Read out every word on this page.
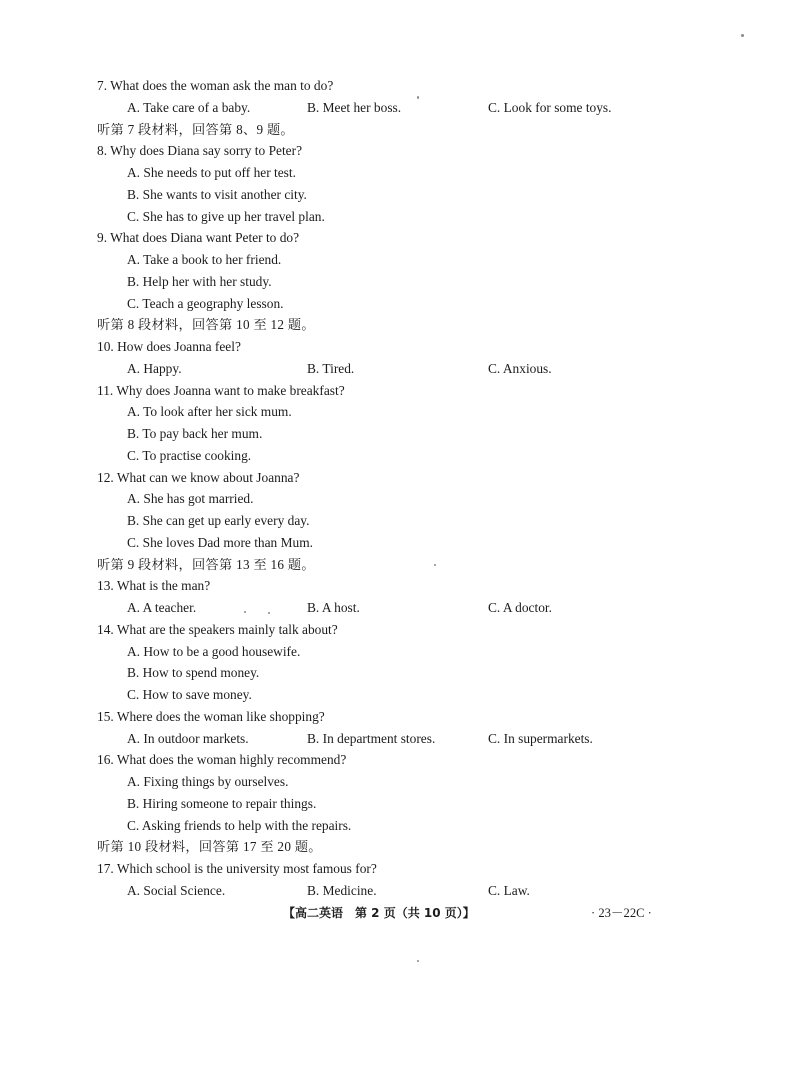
7. What does the woman ask the man to do?
A. Take care of a baby.	B. Meet her boss.	C. Look for some toys.
听第 7 段材料，回答第 8、9 题。
8. Why does Diana say sorry to Peter?
A. She needs to put off her test.
B. She wants to visit another city.
C. She has to give up her travel plan.
9. What does Diana want Peter to do?
A. Take a book to her friend.
B. Help her with her study.
C. Teach a geography lesson.
听第 8 段材料，回答第 10 至 12 题。
10. How does Joanna feel?
A. Happy.	B. Tired.	C. Anxious.
11. Why does Joanna want to make breakfast?
A. To look after her sick mum.
B. To pay back her mum.
C. To practise cooking.
12. What can we know about Joanna?
A. She has got married.
B. She can get up early every day.
C. She loves Dad more than Mum.
听第 9 段材料，回答第 13 至 16 题。
13. What is the man?
A. A teacher.	B. A host.	C. A doctor.
14. What are the speakers mainly talk about?
A. How to be a good housewife.
B. How to spend money.
C. How to save money.
15. Where does the woman like shopping?
A. In outdoor markets.	B. In department stores.	C. In supermarkets.
16. What does the woman highly recommend?
A. Fixing things by ourselves.
B. Hiring someone to repair things.
C. Asking friends to help with the repairs.
听第 10 段材料，回答第 17 至 20 题。
17. Which school is the university most famous for?
A. Social Science.	B. Medicine.	C. Law.
【高二英语　第 2 页（共 10 页）】	· 23－22C ·
